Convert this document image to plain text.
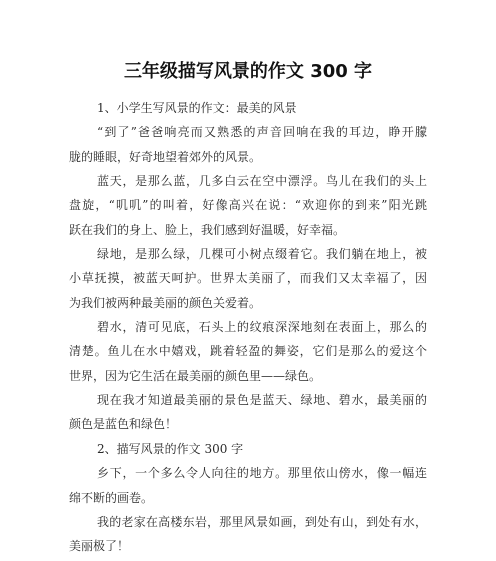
三年级描写风景的作文 300 字
1、小学生写风景的作文：最美的风景
“到了”爸爸响亮而又熟悉的声音回响在我的耳边，睁开朦
胧的睡眼，好奇地望着郊外的风景。
蓝天，是那么蓝，几多白云在空中漂浮。鸟儿在我们的头上
盘旋，“叽叽”的叫着，好像高兴在说：“欢迎你的到来”阳光跳
跃在我们的身上、脸上，我们感到好温暖，好幸福。
绿地，是那么绿，几棵可小树点缀着它。我们躺在地上，被
小草抚摸，被蓝天呵护。世界太美丽了，而我们又太幸福了，因
为我们被两种最美丽的颜色关爱着。
碧水，清可见底，石头上的纹痕深深地刻在表面上，那么的
清楚。鱼儿在水中嬉戏，跳着轻盈的舞姿，它们是那么的爱这个
世界，因为它生活在最美丽的颜色里——绿色。
现在我才知道最美丽的景色是蓝天、绿地、碧水，最美丽的
颜色是蓝色和绿色！
2、描写风景的作文 300 字
乡下，一个多么令人向往的地方。那里依山傍水，像一幅连
绵不断的画卷。
我的老家在高楼东岩，那里风景如画，到处有山，到处有水，
美丽极了！
